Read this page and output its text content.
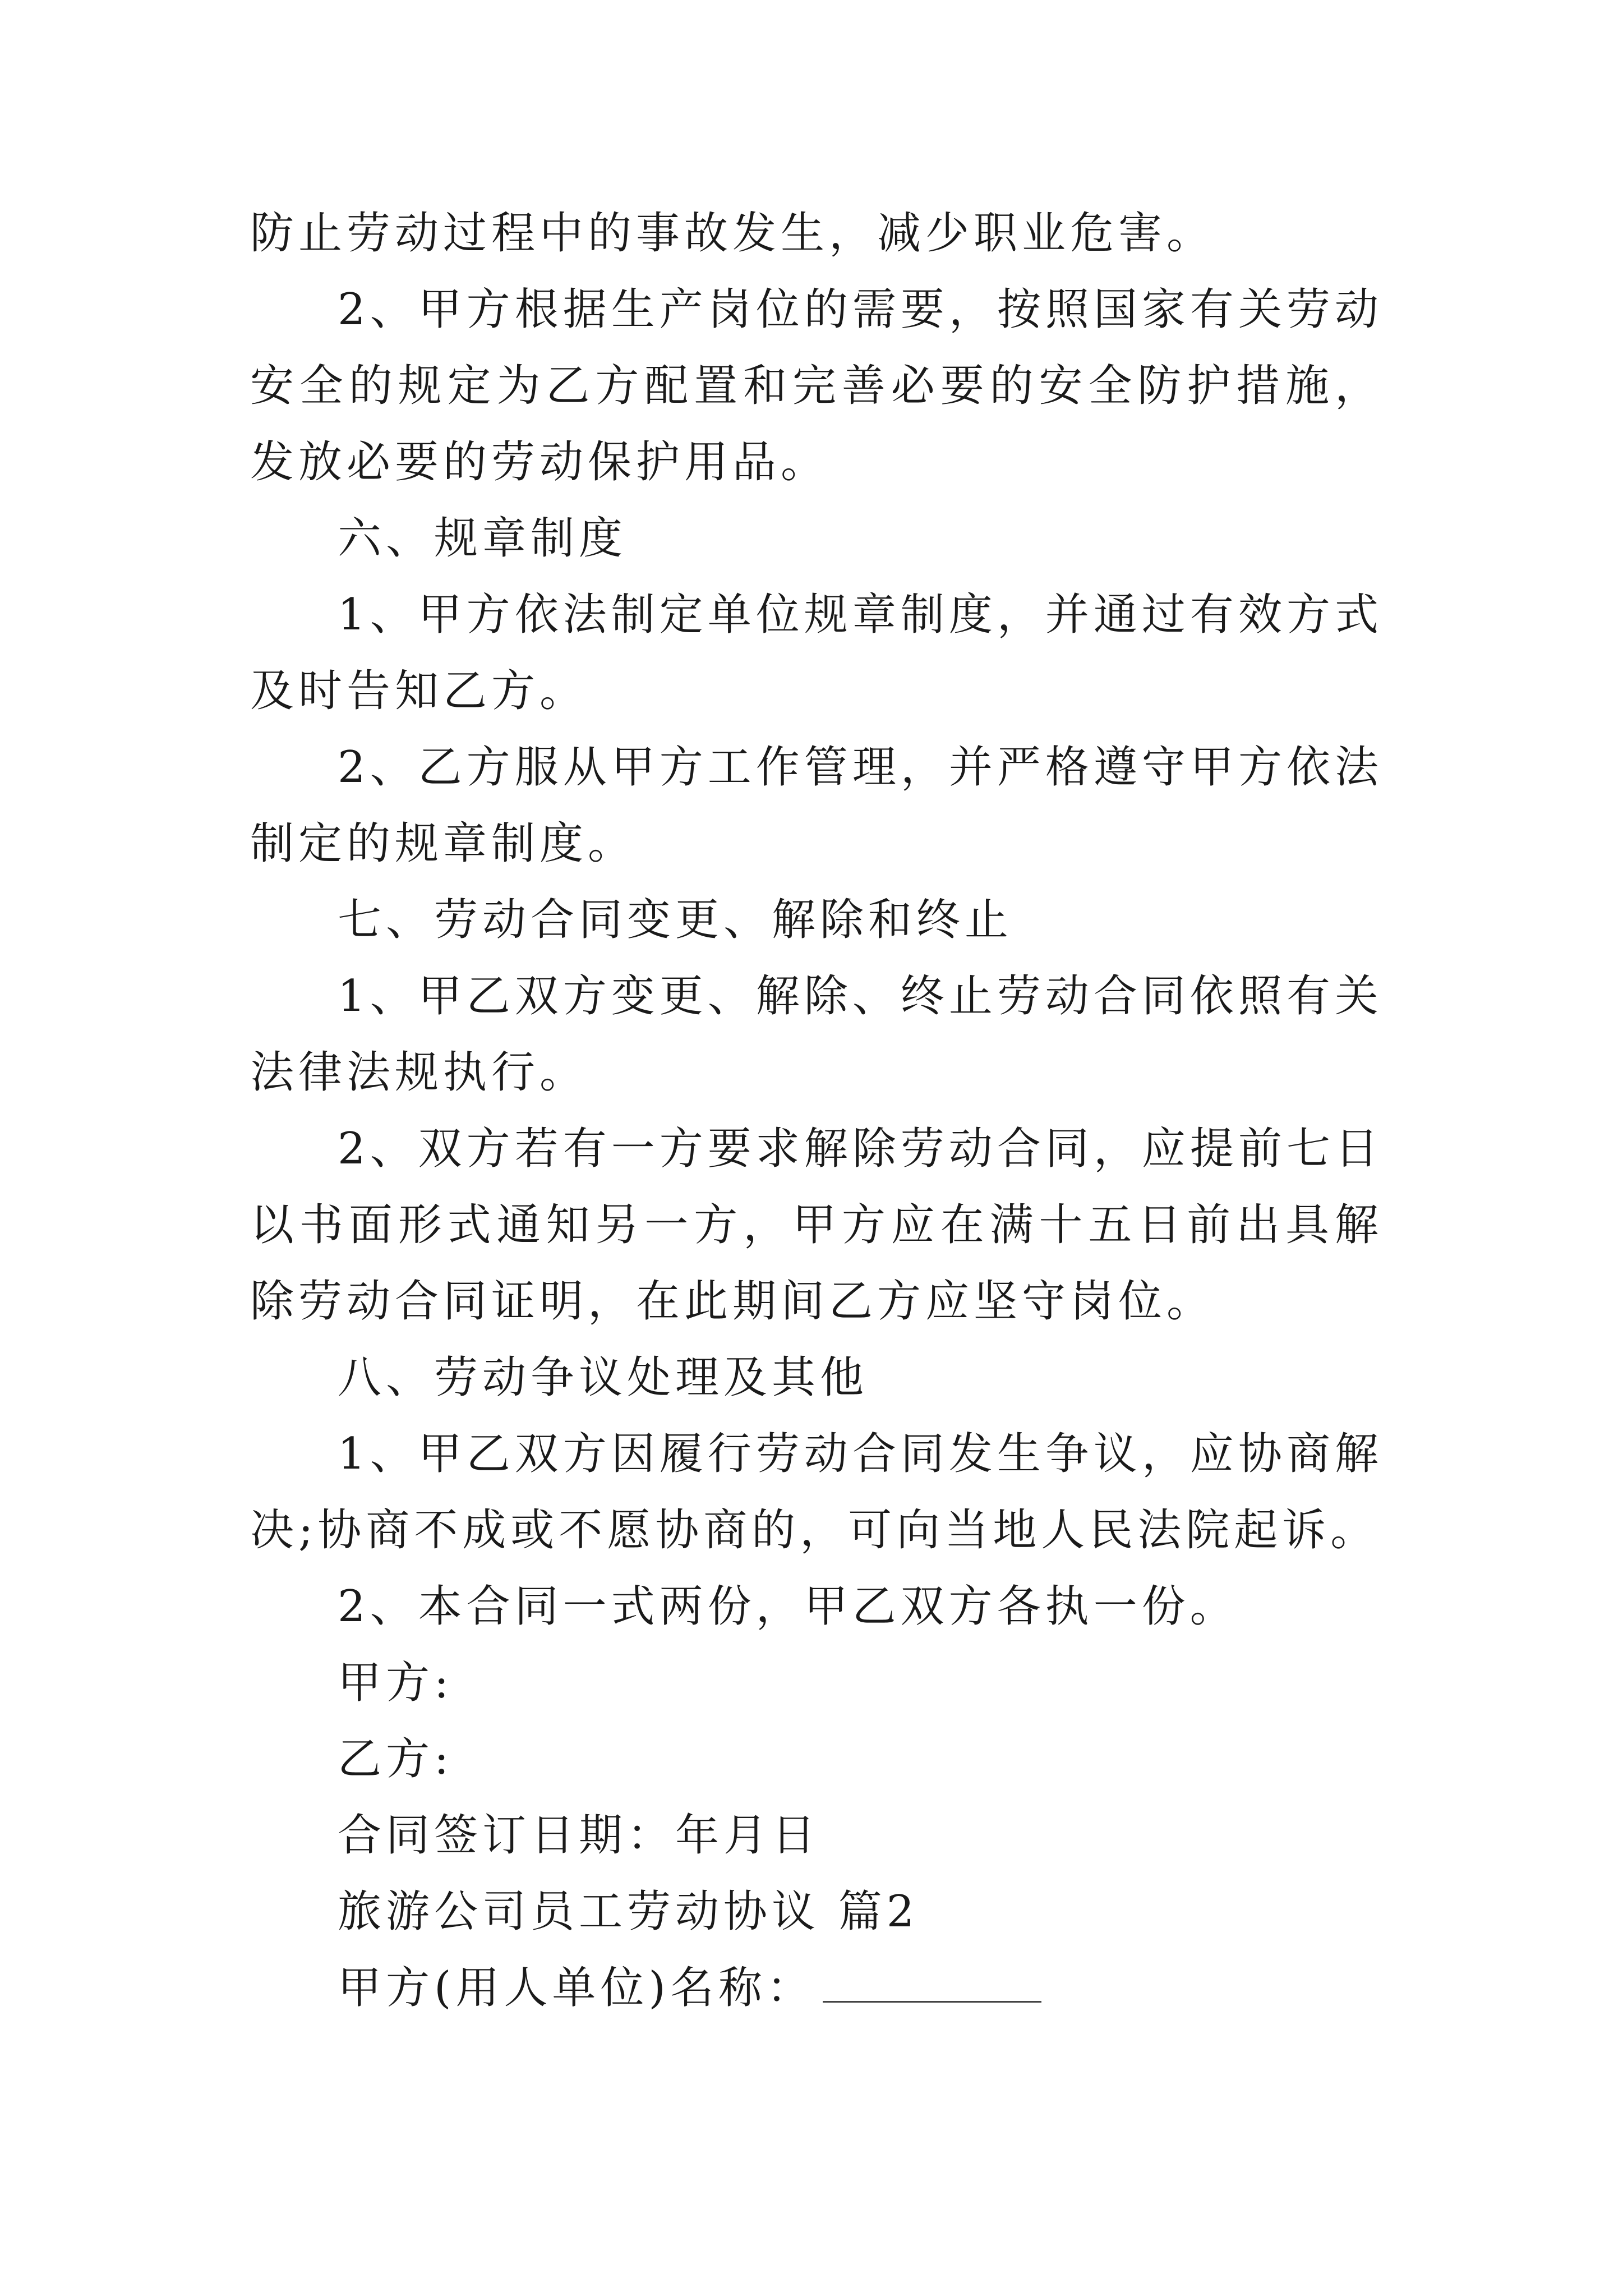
防止劳动过程中的事故发生，减少职业危害。

2、甲方根据生产岗位的需要，按照国家有关劳动安全的规定为乙方配置和完善必要的安全防护措施，发放必要的劳动保护用品。

六、规章制度

1、甲方依法制定单位规章制度，并通过有效方式及时告知乙方。

2、乙方服从甲方工作管理，并严格遵守甲方依法制定的规章制度。

七、劳动合同变更、解除和终止

1、甲乙双方变更、解除、终止劳动合同依照有关法律法规执行。

2、双方若有一方要求解除劳动合同，应提前七日以书面形式通知另一方，甲方应在满十五日前出具解除劳动合同证明，在此期间乙方应坚守岗位。

八、劳动争议处理及其他

1、甲乙双方因履行劳动合同发生争议，应协商解决;协商不成或不愿协商的，可向当地人民法院起诉。

2、本合同一式两份，甲乙双方各执一份。

甲方:

乙方:

合同签订日期：年月日

旅游公司员工劳动协议 篇2

甲方(用人单位)名称：
